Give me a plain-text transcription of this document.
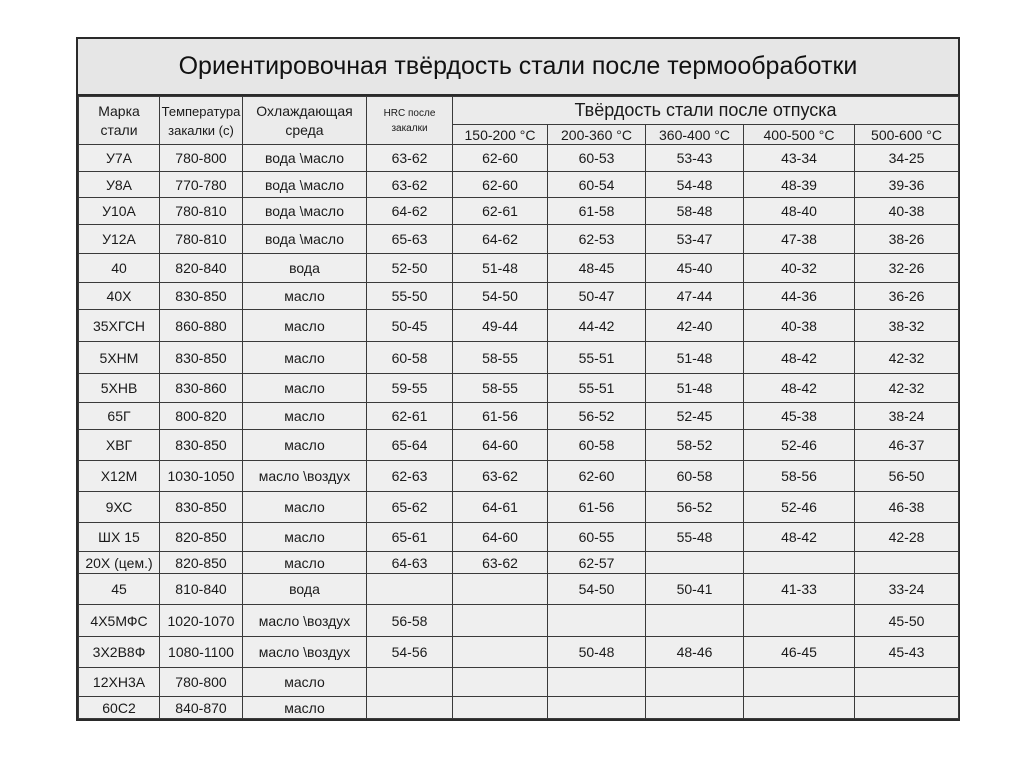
Ориентировочная твёрдость стали после термообработки
Марка стали	Температура закалки (с)	Охлаждающая среда	HRC после закалки	Твёрдость стали после отпуска				
				150-200 °С	200-360 °С	360-400 °С	400-500 °С	500-600 °С
У7А	780-800	вода \масло	63-62	62-60	60-53	53-43	43-34	34-25
У8А	770-780	вода \масло	63-62	62-60	60-54	54-48	48-39	39-36
У10А	780-810	вода \масло	64-62	62-61	61-58	58-48	48-40	40-38
У12А	780-810	вода \масло	65-63	64-62	62-53	53-47	47-38	38-26
40	820-840	вода	52-50	51-48	48-45	45-40	40-32	32-26
40Х	830-850	масло	55-50	54-50	50-47	47-44	44-36	36-26
35ХГСН	860-880	масло	50-45	49-44	44-42	42-40	40-38	38-32
5ХНМ	830-850	масло	60-58	58-55	55-51	51-48	48-42	42-32
5ХНВ	830-860	масло	59-55	58-55	55-51	51-48	48-42	42-32
65Г	800-820	масло	62-61	61-56	56-52	52-45	45-38	38-24
ХВГ	830-850	масло	65-64	64-60	60-58	58-52	52-46	46-37
Х12М	1030-1050	масло \воздух	62-63	63-62	62-60	60-58	58-56	56-50
9ХС	830-850	масло	65-62	64-61	61-56	56-52	52-46	46-38
ШХ 15	820-850	масло	65-61	64-60	60-55	55-48	48-42	42-28
20Х (цем.)	820-850	масло	64-63	63-62	62-57			
45	810-840	вода			54-50	50-41	41-33	33-24
4Х5МФС	1020-1070	масло \воздух	56-58					45-50
3Х2В8Ф	1080-1100	масло \воздух	54-56		50-48	48-46	46-45	45-43
12ХН3А	780-800	масло						
60С2	840-870	масло						
